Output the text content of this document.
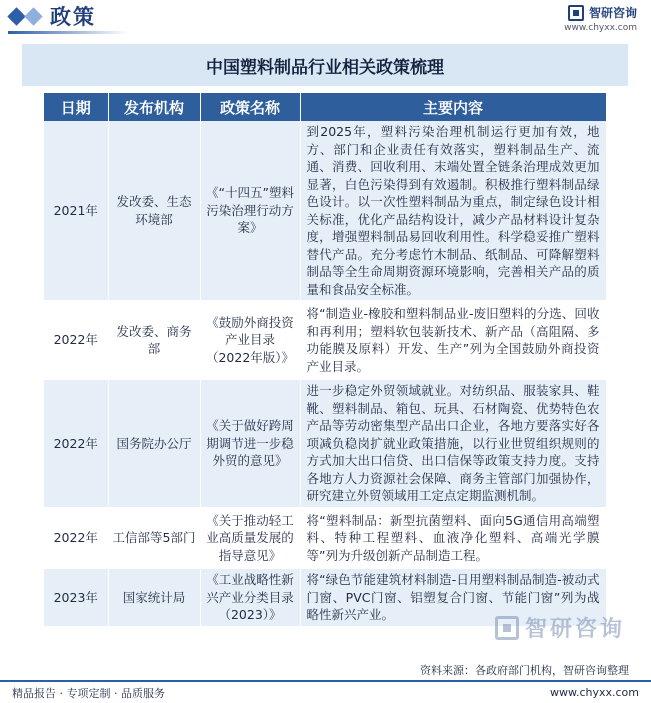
政策	智研咨询
www.chyxx.com
中国塑料制品行业相关政策梳理
日期	发布机构	政策名称	主要内容
2021年	发改委、生态环境部	《“十四五”塑料污染治理行动方案》	到2025年，塑料污染治理机制运行更加有效，地方、部门和企业责任有效落实，塑料制品生产、流通、消费、回收利用、末端处置全链条治理成效更加显著，白色污染得到有效遏制。积极推行塑料制品绿色设计。以一次性塑料制品为重点，制定绿色设计相关标准，优化产品结构设计，减少产品材料设计复杂度，增强塑料制品易回收利用性。科学稳妥推广塑料替代产品。充分考虑竹木制品、纸制品、可降解塑料制品等全生命周期资源环境影响，完善相关产品的质量和食品安全标准。
2022年	发改委、商务部	《鼓励外商投资产业目录（2022年版）》	将“制造业-橡胶和塑料制品业-废旧塑料的分选、回收和再利用；塑料软包装新技术、新产品（高阻隔、多功能膜及原料）开发、生产”列为全国鼓励外商投资产业目录。
2022年	国务院办公厅	《关于做好跨周期调节进一步稳外贸的意见》	进一步稳定外贸领域就业。对纺织品、服装家具、鞋靴、塑料制品、箱包、玩具、石材陶瓷、优势特色农产品等劳动密集型产品出口企业，各地方要落实好各项减负稳岗扩就业政策措施，以行业世贸组织规则的方式加大出口信贷、出口信保等政策支持力度。支持各地方人力资源社会保障、商务主管部门加强协作，研究建立外贸领域用工定点定期监测机制。
2022年	工信部等5部门	《关于推动轻工业高质量发展的指导意见》	将“塑料制品：新型抗菌塑料、面向5G通信用高端塑料、特种工程塑料、血液净化塑料、高端光学膜等”列为升级创新产品制造工程。
2023年	国家统计局	《工业战略性新兴产业分类目录（2023）》	将“绿色节能建筑材料制造-日用塑料制品制造-被动式门窗、PVC门窗、铝塑复合门窗、节能门窗”列为战略性新兴产业。
智研咨询
资料来源：各政府部门机构，智研咨询整理
精品报告 · 专项定制 · 品质服务	www.chyxx.com
